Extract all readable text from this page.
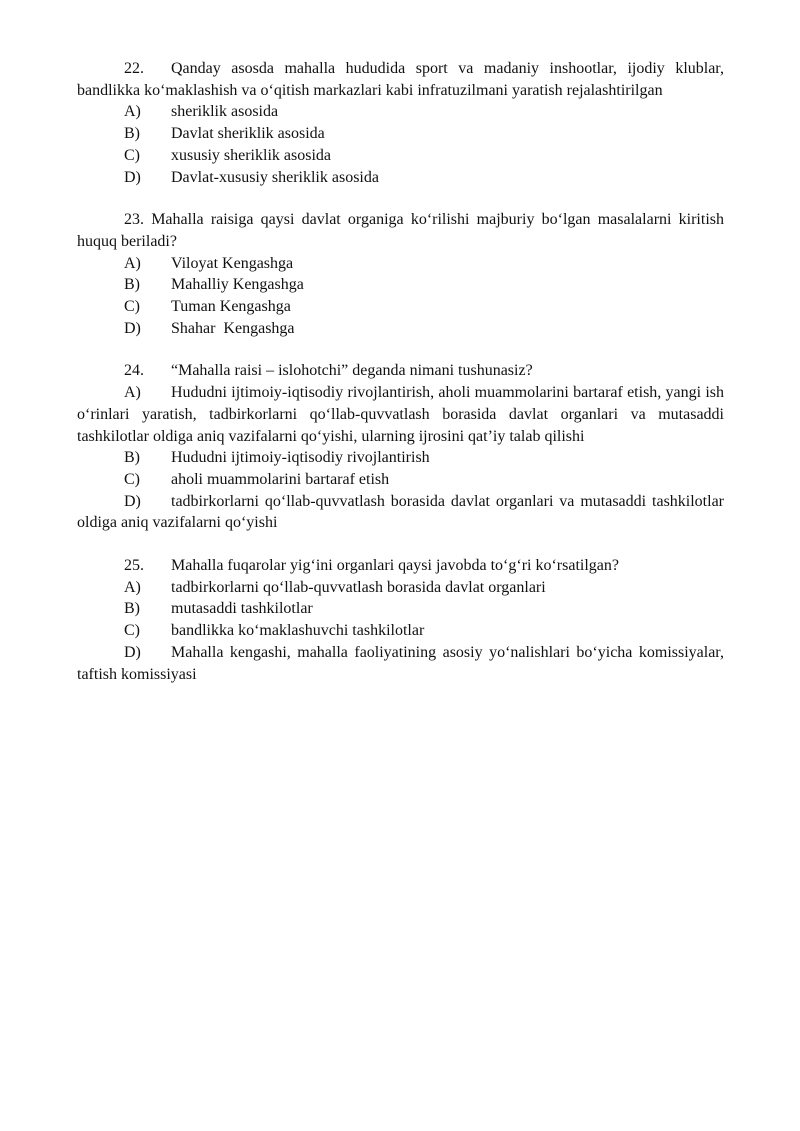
22. Qanday asosda mahalla hududida sport va madaniy inshootlar, ijodiy klublar, bandlikka ko‘maklashish va o‘qitish markazlari kabi infratuzilmani yaratish rejalashtirilgan

A) sheriklik asosida

B) Davlat sheriklik asosida

C) xususiy sheriklik asosida

D) Davlat-xususiy sheriklik asosida

23. Mahalla raisiga qaysi davlat organiga ko‘rilishi majburiy bo‘lgan masalalarni kiritish huquq beriladi?

A) Viloyat Kengashga

B) Mahalliy Kengashga

C) Tuman Kengashga

D) Shahar  Kengashga

24. “Mahalla raisi – islohotchi” deganda nimani tushunasiz?

A) Hududni ijtimoiy-iqtisodiy rivojlantirish, aholi muammolarini bartaraf etish, yangi ish o‘rinlari yaratish, tadbirkorlarni qo‘llab-quvvatlash borasida davlat organlari va mutasaddi tashkilotlar oldiga aniq vazifalarni qo‘yishi, ularning ijrosini qat’iy talab qilishi

B) Hududni ijtimoiy-iqtisodiy rivojlantirish

C) aholi muammolarini bartaraf etish

D) tadbirkorlarni qo‘llab-quvvatlash borasida davlat organlari va mutasaddi tashkilotlar oldiga aniq vazifalarni qo‘yishi

25. Mahalla fuqarolar yig‘ini organlari qaysi javobda to‘g‘ri ko‘rsatilgan?

A) tadbirkorlarni qo‘llab-quvvatlash borasida davlat organlari

B) mutasaddi tashkilotlar

C) bandlikka ko‘maklashuvchi tashkilotlar

D) Mahalla kengashi, mahalla faoliyatining asosiy yo‘nalishlari bo‘yicha komissiyalar, taftish komissiyasi
